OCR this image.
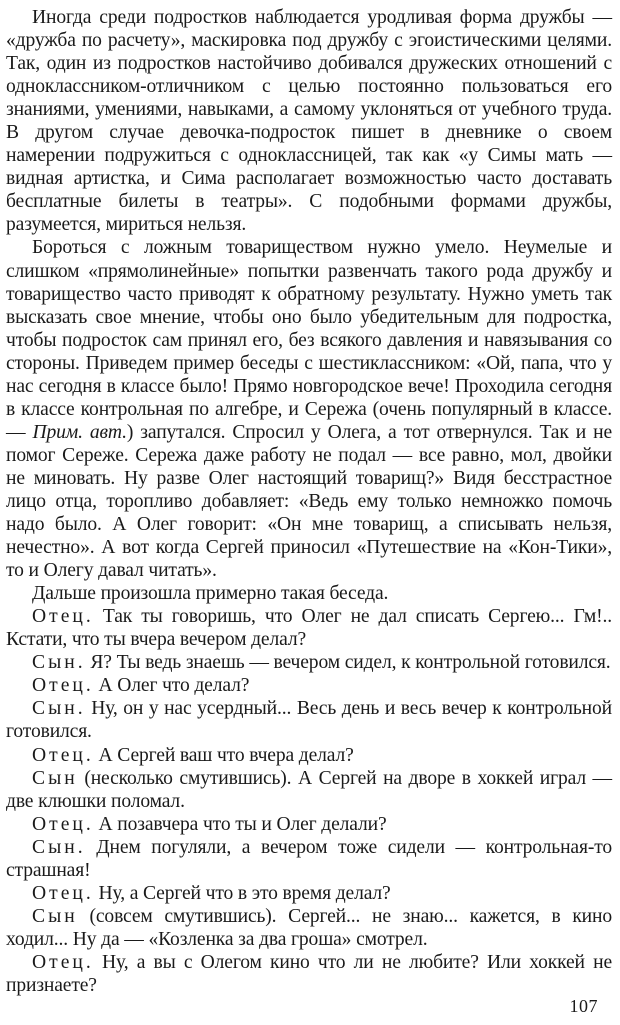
Иногда среди подростков наблюдается уродливая форма дружбы — «дружба по расчету», маскировка под дружбу с эгоистическими целями. Так, один из подростков настойчиво добивался дружеских отношений с одноклассником-отличником с целью постоянно пользоваться его знаниями, умениями, навыками, а самому уклоняться от учебного труда. В другом случае девочка-подросток пишет в дневнике о своем намерении подружиться с одноклассницей, так как «у Симы мать — видная артистка, и Сима располагает возможностью часто доставать бесплатные билеты в театры». С подобными формами дружбы, разумеется, мириться нельзя.

Бороться с ложным товариществом нужно умело. Неумелые и слишком «прямолинейные» попытки развенчать такого рода дружбу и товарищество часто приводят к обратному результату. Нужно уметь так высказать свое мнение, чтобы оно было убедительным для подростка, чтобы подросток сам принял его, без всякого давления и навязывания со стороны. Приведем пример беседы с шестиклассником: «Ой, папа, что у нас сегодня в классе было! Прямо новгородское вече! Проходила сегодня в классе контрольная по алгебре, и Сережа (очень популярный в классе.— Прим. авт.) запутался. Спросил у Олега, а тот отвернулся. Так и не помог Сереже. Сережа даже работу не подал — все равно, мол, двойки не миновать. Ну разве Олег настоящий товарищ?» Видя бесстрастное лицо отца, торопливо добавляет: «Ведь ему только немножко помочь надо было. А Олег говорит: «Он мне товарищ, а списывать нельзя, нечестно». А вот когда Сергей приносил «Путешествие на «Кон-Тики», то и Олегу давал читать».

Дальше произошла примерно такая беседа.

Отец. Так ты говоришь, что Олег не дал списать Сергею... Гм!.. Кстати, что ты вчера вечером делал?

Сын. Я? Ты ведь знаешь — вечером сидел, к контрольной готовился.

Отец. А Олег что делал?

Сын. Ну, он у нас усердный... Весь день и весь вечер к контрольной готовился.

Отец. А Сергей ваш что вчера делал?

Сын (несколько смутившись). А Сергей на дворе в хоккей играл — две клюшки поломал.

Отец. А позавчера что ты и Олег делали?

Сын. Днем погуляли, а вечером тоже сидели — контрольная-то страшная!

Отец. Ну, а Сергей что в это время делал?

Сын (совсем смутившись). Сергей... не знаю... кажется, в кино ходил... Ну да — «Козленка за два гроша» смотрел.

Отец. Ну, а вы с Олегом кино что ли не любите? Или хоккей не признаете?

107
